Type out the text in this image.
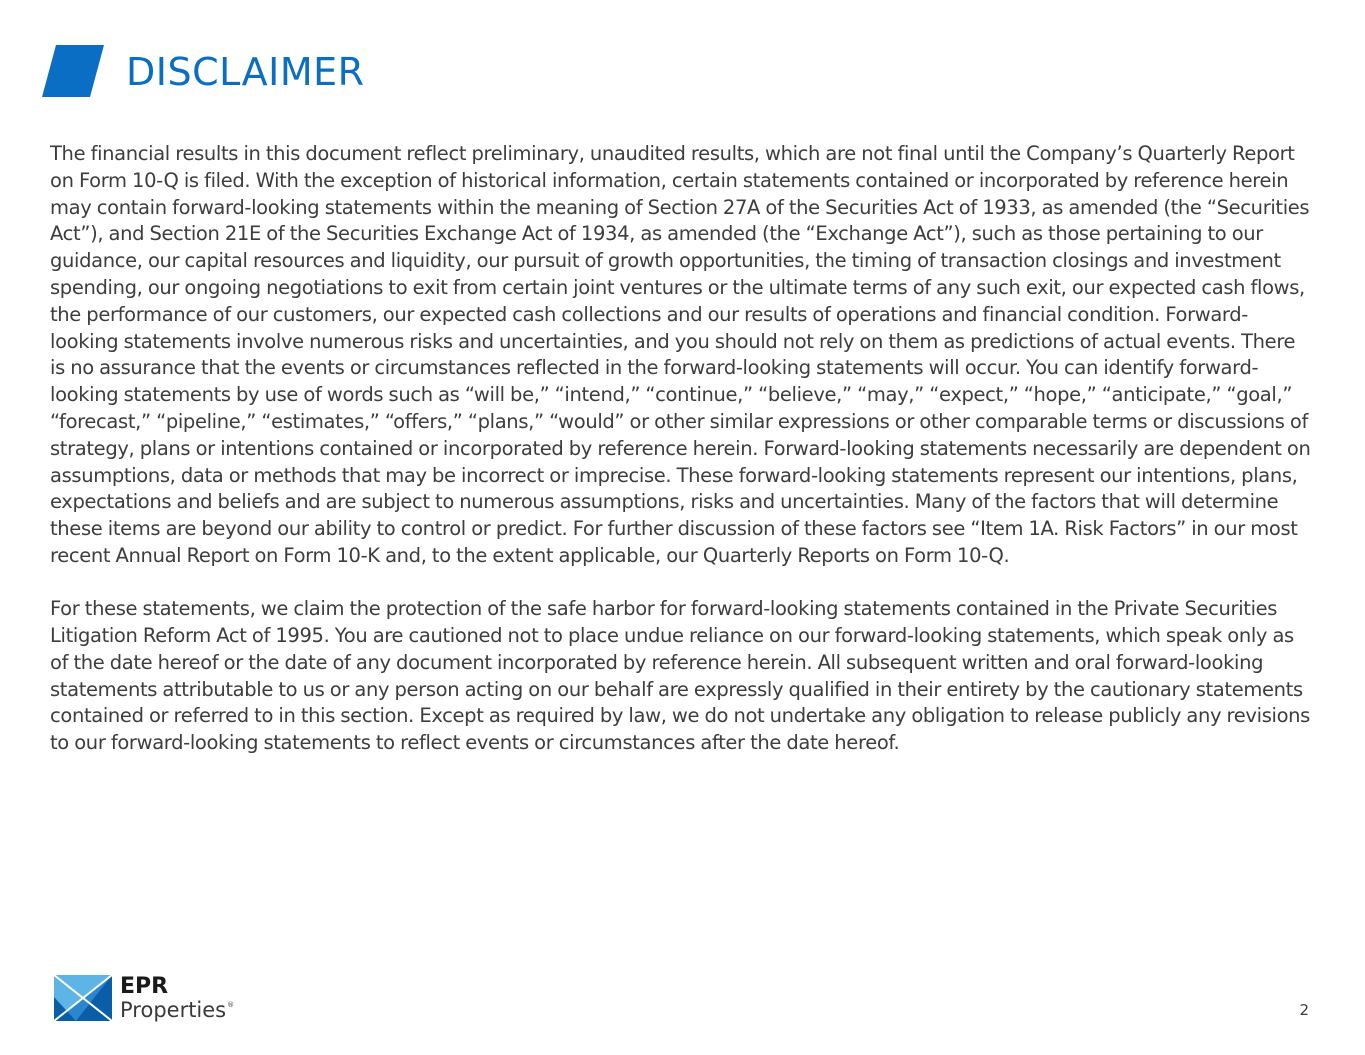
DISCLAIMER

The financial results in this document reflect preliminary, unaudited results, which are not final until the Company’s Quarterly Report on Form 10-Q is filed. With the exception of historical information, certain statements contained or incorporated by reference herein may contain forward-looking statements within the meaning of Section 27A of the Securities Act of 1933, as amended (the “Securities Act”), and Section 21E of the Securities Exchange Act of 1934, as amended (the “Exchange Act”), such as those pertaining to our guidance, our capital resources and liquidity, our pursuit of growth opportunities, the timing of transaction closings and investment spending, our ongoing negotiations to exit from certain joint ventures or the ultimate terms of any such exit, our expected cash flows, the performance of our customers, our expected cash collections and our results of operations and financial condition. Forward-looking statements involve numerous risks and uncertainties, and you should not rely on them as predictions of actual events. There is no assurance that the events or circumstances reflected in the forward-looking statements will occur. You can identify forward-looking statements by use of words such as “will be,” “intend,” “continue,” “believe,” “may,” “expect,” “hope,” “anticipate,” “goal,” “forecast,” “pipeline,” “estimates,” “offers,” “plans,” “would” or other similar expressions or other comparable terms or discussions of strategy, plans or intentions contained or incorporated by reference herein. Forward-looking statements necessarily are dependent on assumptions, data or methods that may be incorrect or imprecise. These forward-looking statements represent our intentions, plans, expectations and beliefs and are subject to numerous assumptions, risks and uncertainties. Many of the factors that will determine these items are beyond our ability to control or predict. For further discussion of these factors see “Item 1A. Risk Factors” in our most recent Annual Report on Form 10-K and, to the extent applicable, our Quarterly Reports on Form 10-Q.

For these statements, we claim the protection of the safe harbor for forward-looking statements contained in the Private Securities Litigation Reform Act of 1995. You are cautioned not to place undue reliance on our forward-looking statements, which speak only as of the date hereof or the date of any document incorporated by reference herein. All subsequent written and oral forward-looking statements attributable to us or any person acting on our behalf are expressly qualified in their entirety by the cautionary statements contained or referred to in this section. Except as required by law, we do not undertake any obligation to release publicly any revisions to our forward-looking statements to reflect events or circumstances after the date hereof.

EPR
Properties®	2
